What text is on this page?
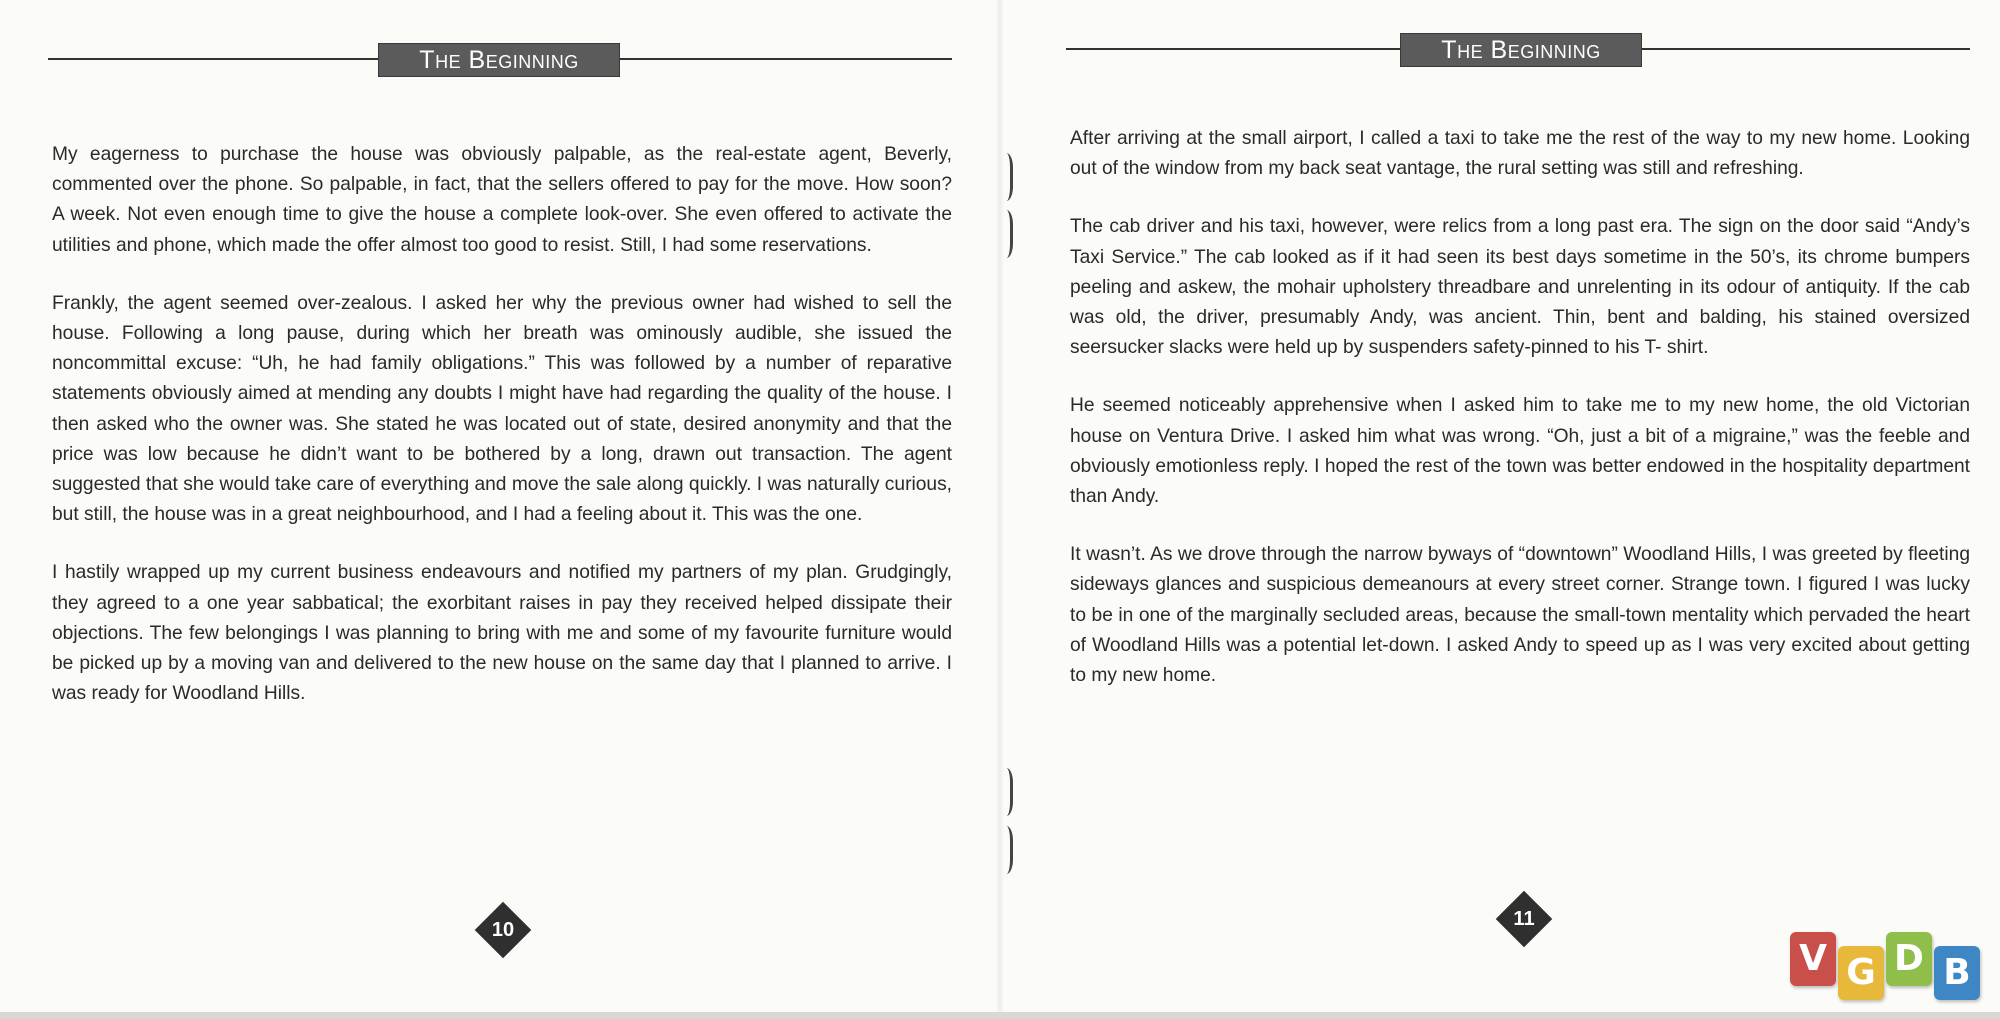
The Beginning

My eagerness to purchase the house was obviously palpable, as the real-estate agent, Beverly, commented over the phone. So palpable, in fact, that the sellers offered to pay for the move. How soon? A week. Not even enough time to give the house a complete look-over. She even offered to activate the utilities and phone, which made the offer almost too good to resist. Still, I had some reservations.

Frankly, the agent seemed over-zealous. I asked her why the previous owner had wished to sell the house. Following a long pause, during which her breath was ominously audible, she issued the noncommittal excuse: “Uh, he had family obligations.” This was followed by a number of reparative statements obviously aimed at mending any doubts I might have had regarding the quality of the house. I then asked who the owner was. She stated he was located out of state, desired anonymity and that the price was low because he didn’t want to be bothered by a long, drawn out transaction. The agent suggested that she would take care of everything and move the sale along quickly. I was naturally curious, but still, the house was in a great neighbourhood, and I had a feeling about it. This was the one.

I hastily wrapped up my current business endeavours and notified my partners of my plan. Grudgingly, they agreed to a one year sabbatical; the exorbitant raises in pay they received helped dissipate their objections. The few belongings I was planning to bring with me and some of my favourite furniture would be picked up by a moving van and delivered to the new house on the same day that I planned to arrive. I was ready for Woodland Hills.

10
The Beginning

After arriving at the small airport, I called a taxi to take me the rest of the way to my new home. Looking out of the window from my back seat vantage, the rural setting was still and refreshing.

The cab driver and his taxi, however, were relics from a long past era. The sign on the door said “Andy’s Taxi Service.” The cab looked as if it had seen its best days sometime in the 50’s, its chrome bumpers peeling and askew, the mohair upholstery threadbare and unrelenting in its odour of antiquity. If the cab was old, the driver, presumably Andy, was ancient. Thin, bent and balding, his stained oversized seersucker slacks were held up by suspenders safety-pinned to his T- shirt.

He seemed noticeably apprehensive when I asked him to take me to my new home, the old Victorian house on Ventura Drive. I asked him what was wrong. “Oh, just a bit of a migraine,” was the feeble and obviously emotionless reply. I hoped the rest of the town was better endowed in the hospitality department than Andy.

It wasn’t. As we drove through the narrow byways of “downtown” Woodland Hills, I was greeted by fleeting sideways glances and suspicious demeanours at every street corner. Strange town. I figured I was lucky to be in one of the marginally secluded areas, because the small-town mentality which pervaded the heart of Woodland Hills was a potential let-down. I asked Andy to speed up as I was very excited about getting to my new home.

11
V G D B
